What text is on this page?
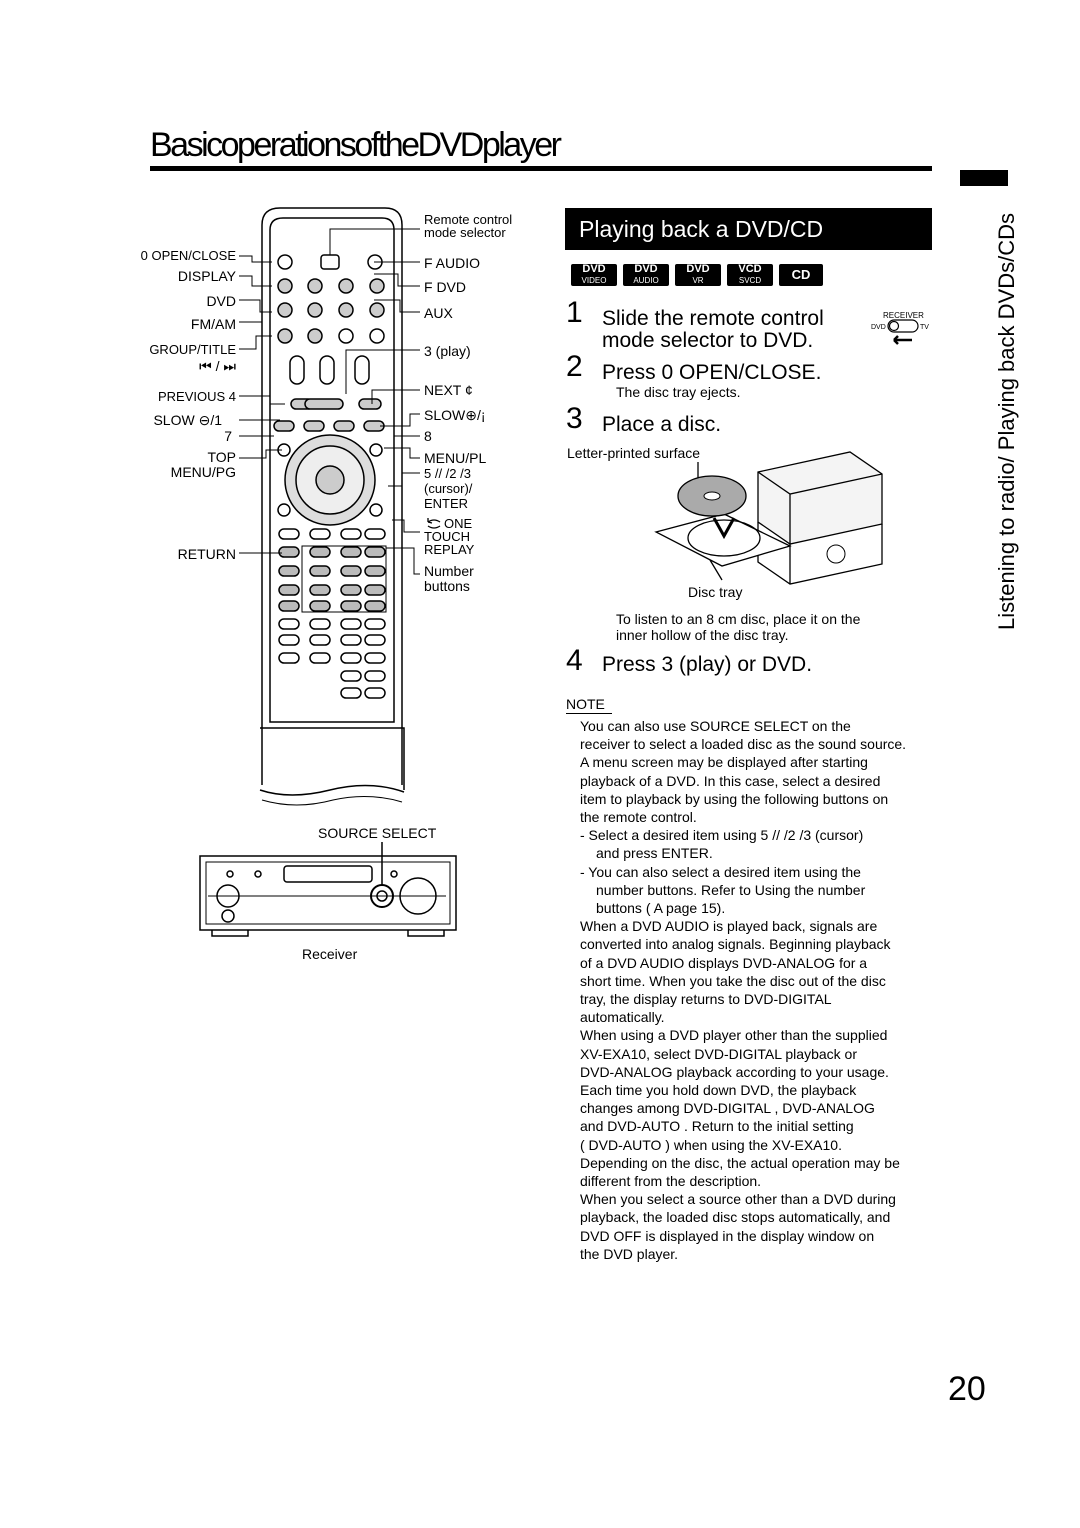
BasicoperationsoftheDVDplayer
Listening to radio/ Playing back DVDs/CDs
0 OPEN/CLOSE
DISPLAY
DVD
FM/AM
GROUP/TITLE
⏮ / ⏭
PREVIOUS 4
SLOW ⊖/1
7
TOP
MENU/PG
RETURN
Remote control
mode selector
F AUDIO
F DVD
AUX
3 (play)
NEXT ¢
SLOW⊕/¡
8
MENU/PL
5 // /2 /3
(cursor)/
ENTER
ONE
TOUCH
REPLAY
Number
buttons
SOURCE SELECT
Receiver
Playing back a DVD/CD
DVD
VIDEO
DVD
AUDIO
DVD
VR
VCD
SVCD	CD
1 Slide the remote control
mode selector to DVD.
RECEIVER
DVD	TV
2 Press 0 OPEN/CLOSE.
The disc tray ejects.
3 Place a disc.
Letter-printed surface
Disc tray
To listen to an 8 cm disc, place it on the
inner hollow of the disc tray.
4 Press 3 (play) or DVD.
NOTE

You can also use SOURCE SELECT on the

receiver to select a loaded disc as the sound source.

A menu screen may be displayed after starting

playback of a DVD. In this case, select a desired

item to playback by using the following buttons on

the remote control.

- Select a desired item using 5 // /2 /3 (cursor)

and press ENTER.

- You can also select a desired item using the

number buttons. Refer to Using the number

buttons ( A page 15).

When a DVD AUDIO is played back, signals are

converted into analog signals. Beginning playback

of a DVD AUDIO displays DVD-ANALOG for a

short time. When you take the disc out of the disc

tray, the display returns to DVD-DIGITAL

automatically.

When using a DVD player other than the supplied

XV-EXA10, select DVD-DIGITAL playback or

DVD-ANALOG playback according to your usage.

Each time you hold down DVD, the playback

changes among DVD-DIGITAL , DVD-ANALOG

and DVD-AUTO . Return to the initial setting

( DVD-AUTO ) when using the XV-EXA10.

Depending on the disc, the actual operation may be

different from the description.

When you select a source other than a DVD during

playback, the loaded disc stops automatically, and

DVD OFF is displayed in the display window on

the DVD player.

20
